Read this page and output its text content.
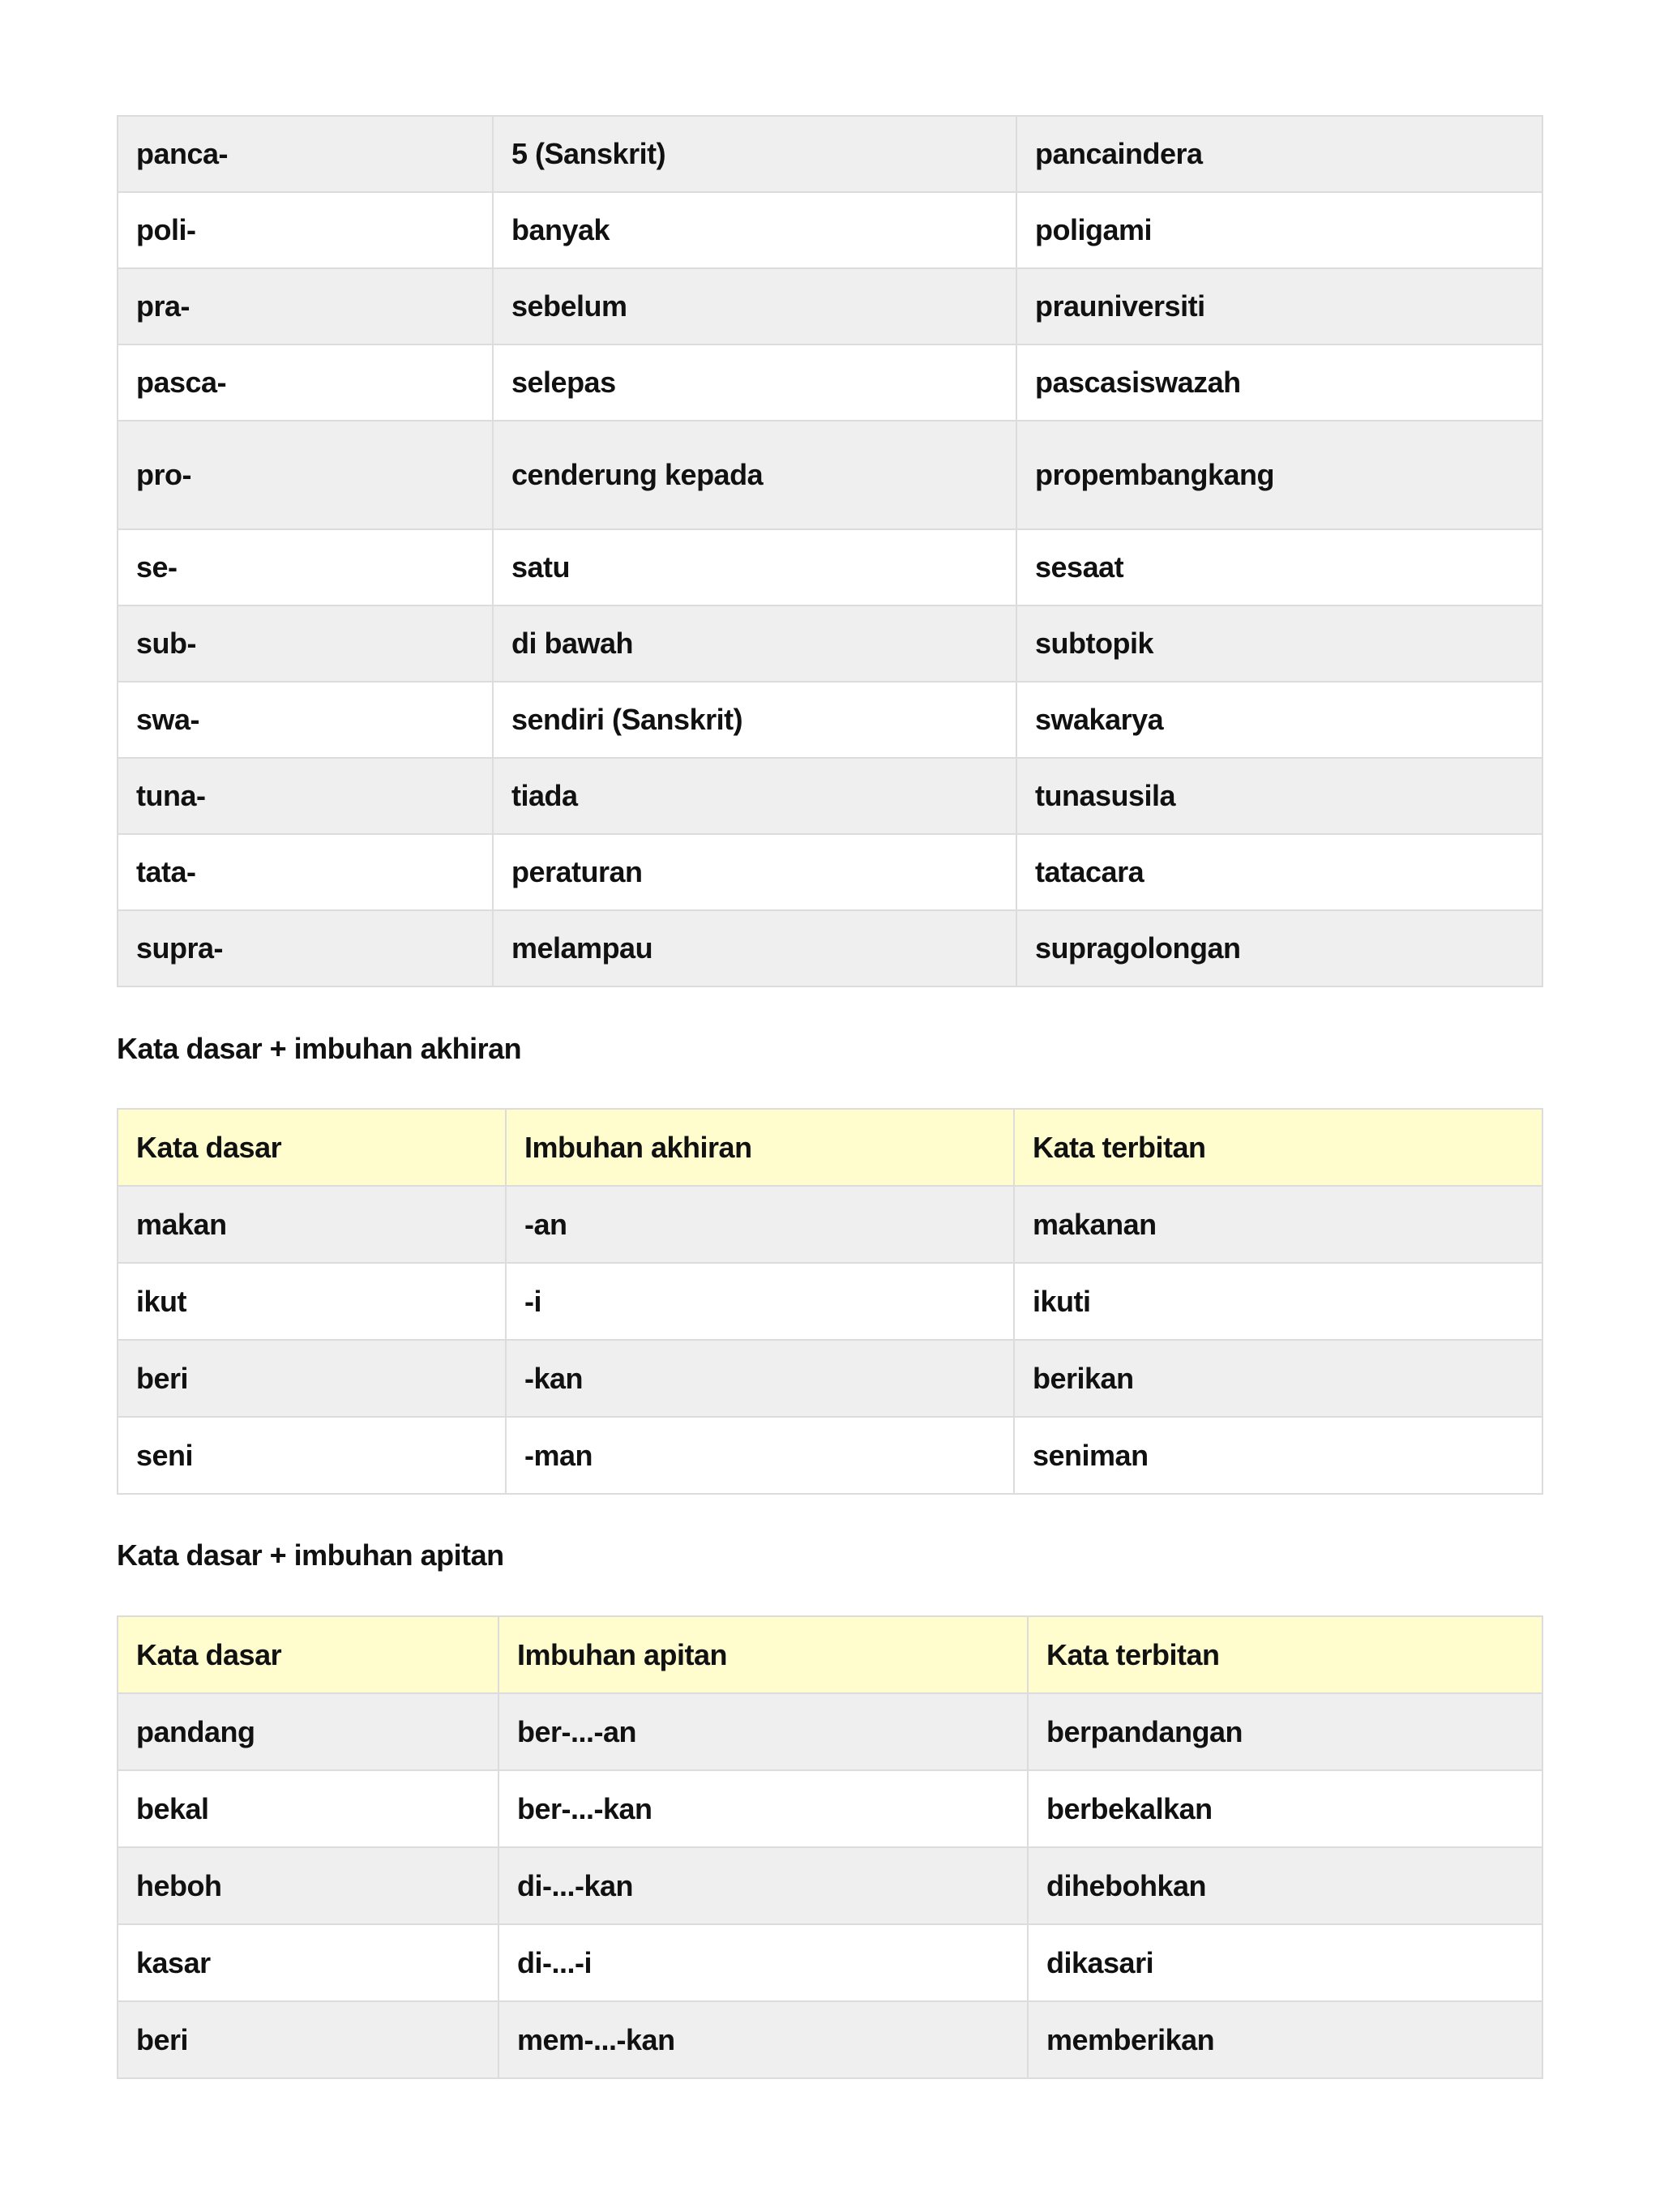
panca-	5 (Sanskrit)	pancaindera
poli-	banyak	poligami
pra-	sebelum	prauniversiti
pasca-	selepas	pascasiswazah
pro-	cenderung kepada	propembangkang
se-	satu	sesaat
sub-	di bawah	subtopik
swa-	sendiri (Sanskrit)	swakarya
tuna-	tiada	tunasusila
tata-	peraturan	tatacara
supra-	melampau	supragolongan

Kata dasar + imbuhan akhiran

Kata dasar	Imbuhan akhiran	Kata terbitan
makan	-an	makanan
ikut	-i	ikuti
beri	-kan	berikan
seni	-man	seniman

Kata dasar + imbuhan apitan

Kata dasar	Imbuhan apitan	Kata terbitan
pandang	ber-...-an	berpandangan
bekal	ber-...-kan	berbekalkan
heboh	di-...-kan	dihebohkan
kasar	di-...-i	dikasari
beri	mem-...-kan	memberikan
